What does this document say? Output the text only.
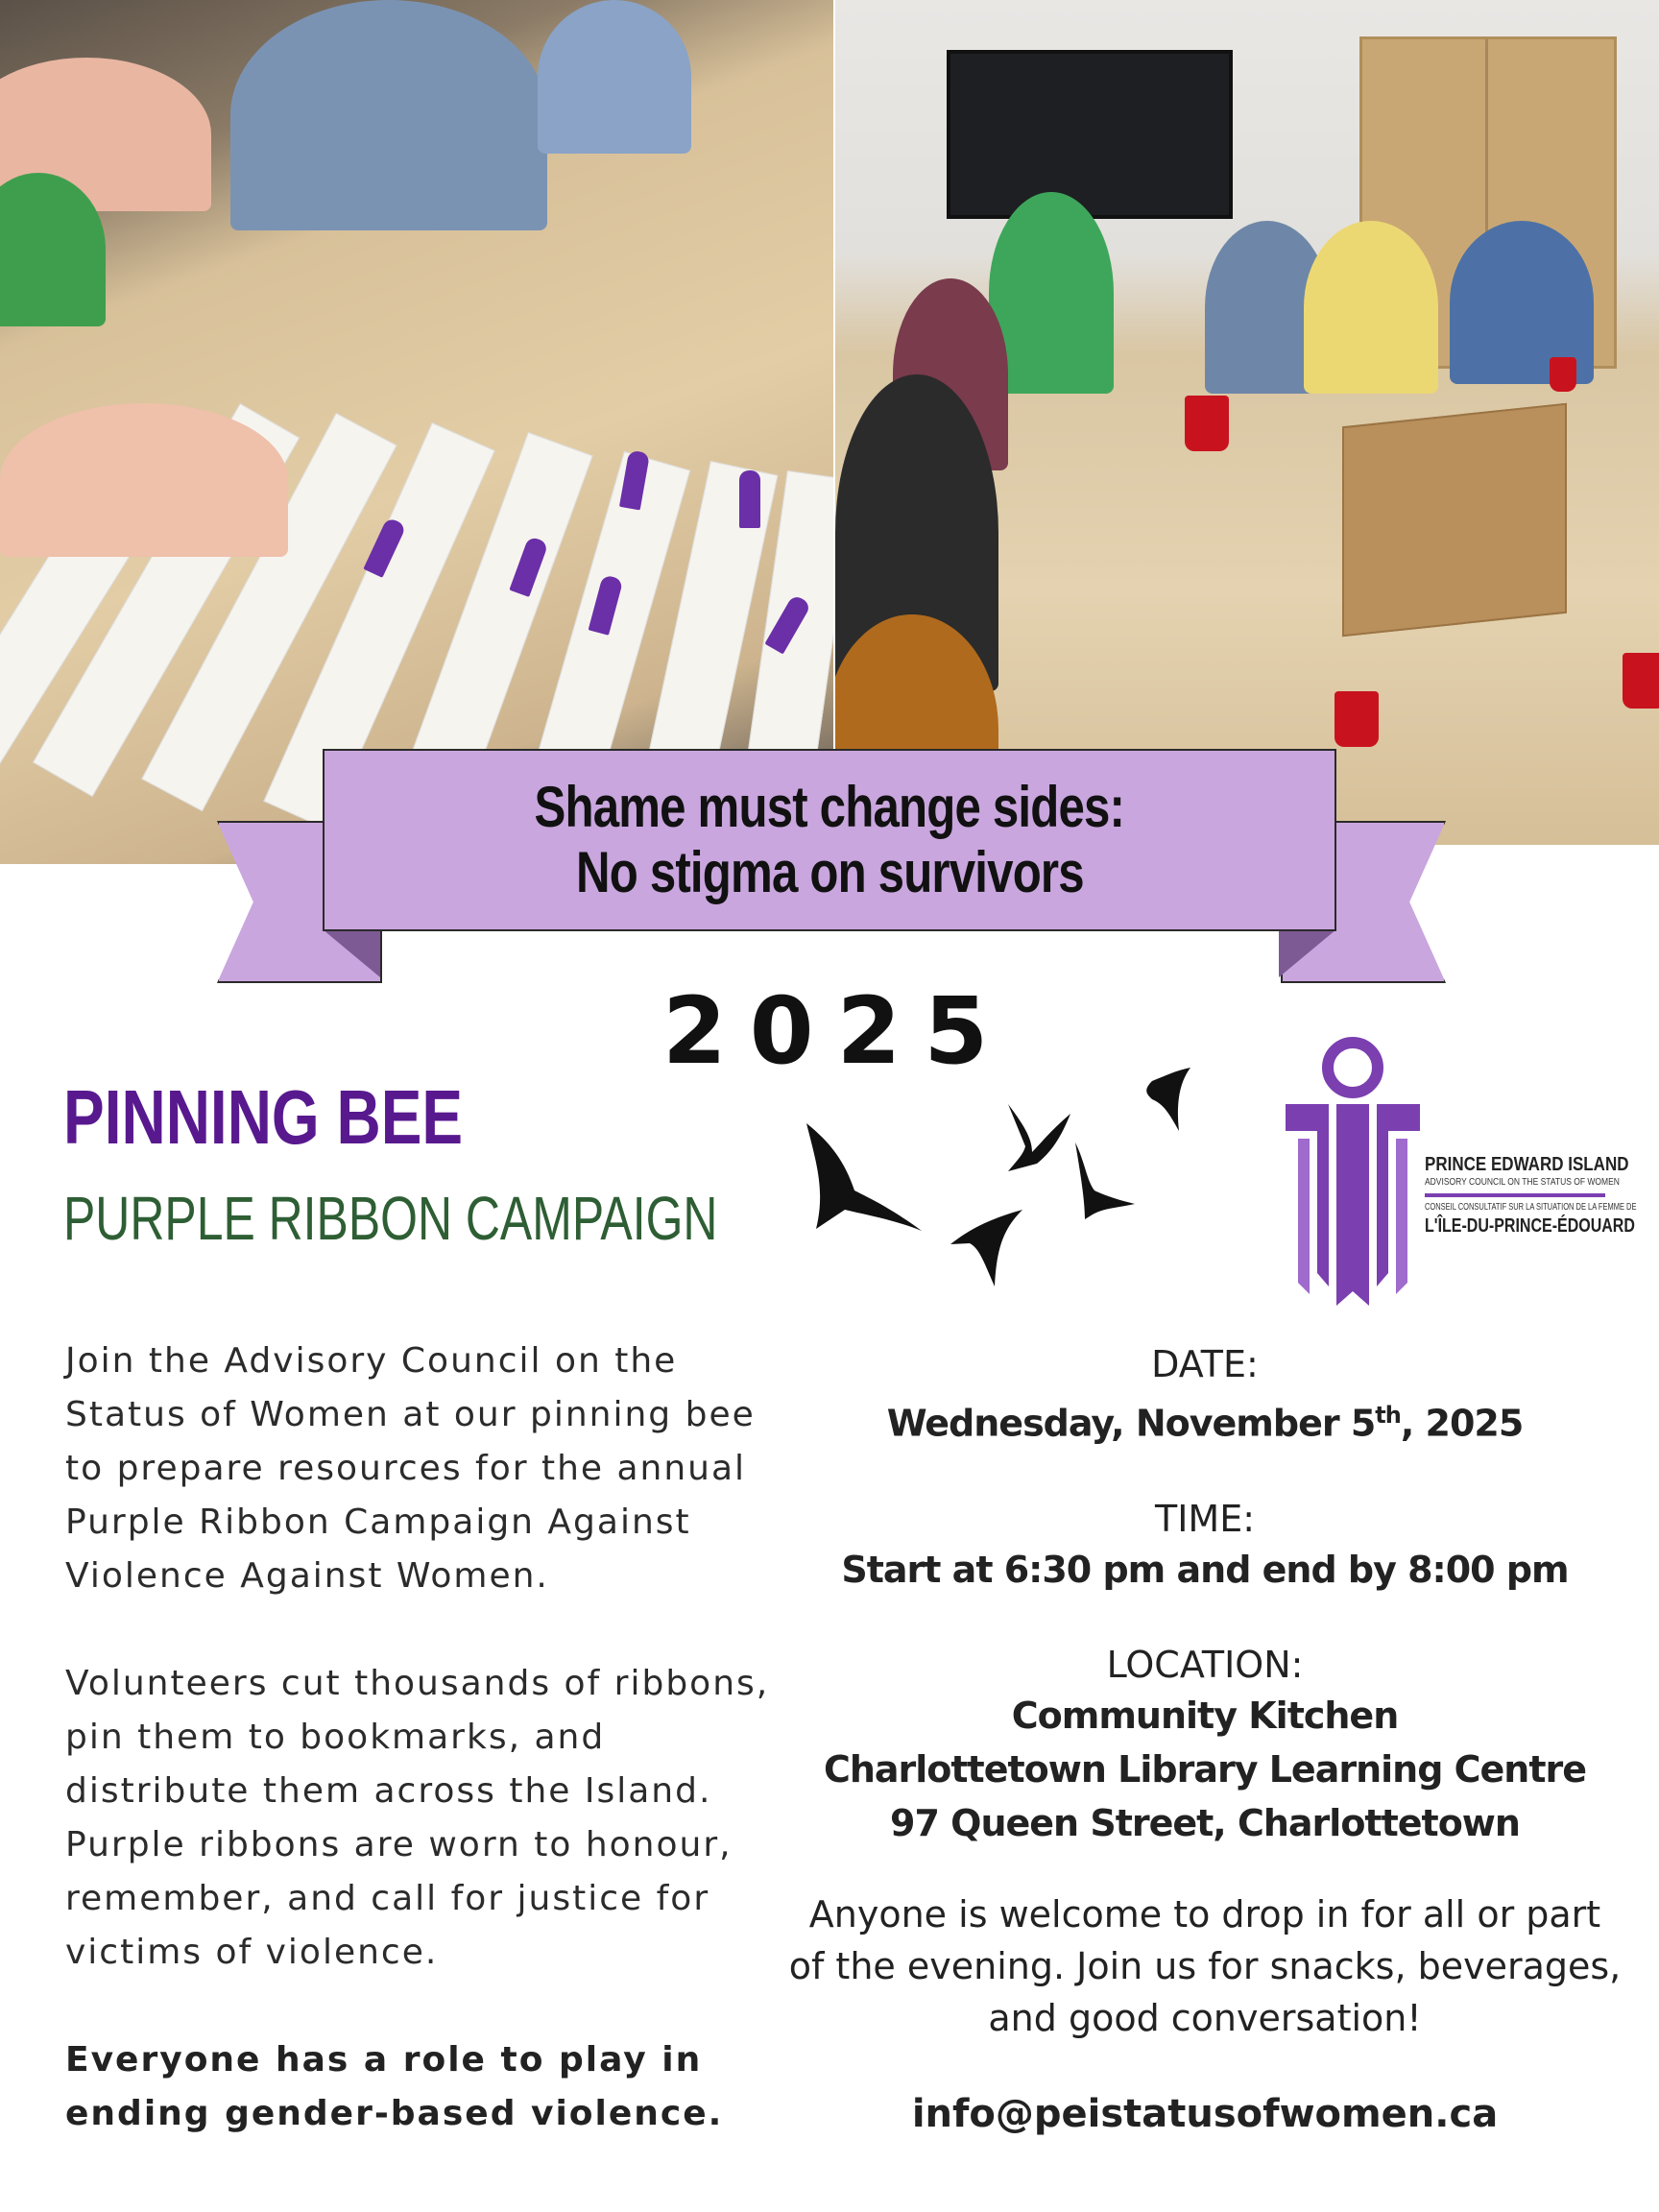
Shame must change sides:
No stigma on survivors
2025
PINNING BEE
PURPLE RIBBON CAMPAIGN
PRINCE EDWARD ISLAND
ADVISORY COUNCIL ON THE STATUS OF WOMEN
CONSEIL CONSULTATIF SUR LA SITUATION DE LA FEMME DE
L'ÎLE-DU-PRINCE-ÉDOUARD

Join the Advisory Council on the Status of Women at our pinning bee to prepare resources for the annual Purple Ribbon Campaign Against Violence Against Women.

Volunteers cut thousands of ribbons, pin them to bookmarks, and distribute them across the Island. Purple ribbons are worn to honour, remember, and call for justice for victims of violence.

Everyone has a role to play in ending gender-based violence.

DATE:
Wednesday, November 5th, 2025
TIME:
Start at 6:30 pm and end by 8:00 pm
LOCATION:
Community Kitchen
Charlottetown Library Learning Centre
97 Queen Street, Charlottetown
Anyone is welcome to drop in for all or part of the evening. Join us for snacks, beverages, and good conversation!
info@peistatusofwomen.ca
